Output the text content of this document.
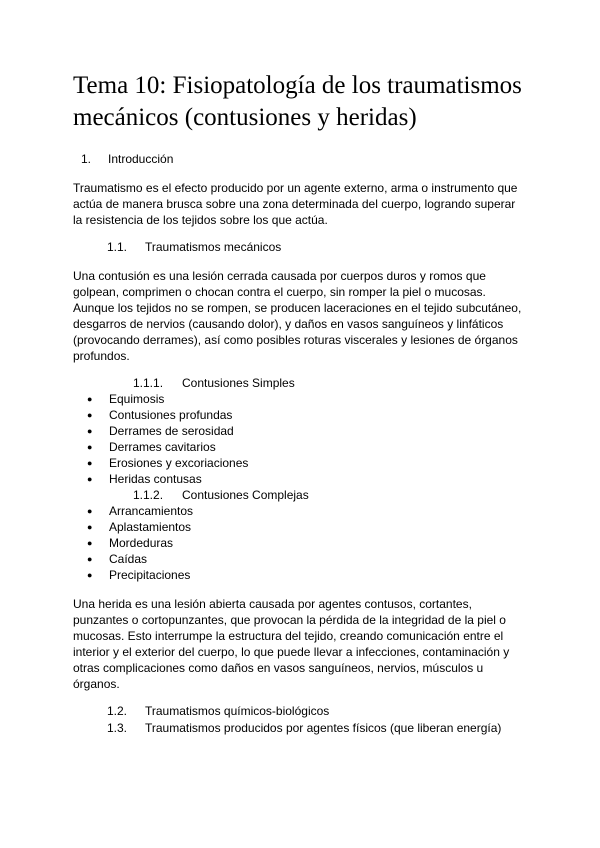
Tema 10: Fisiopatología de los traumatismos mecánicos (contusiones y heridas)
1. Introducción

Traumatismo es el efecto producido por un agente externo, arma o instrumento que actúa de manera brusca sobre una zona determinada del cuerpo, logrando superar la resistencia de los tejidos sobre los que actúa.

1.1. Traumatismos mecánicos

Una contusión es una lesión cerrada causada por cuerpos duros y romos que golpean, comprimen o chocan contra el cuerpo, sin romper la piel o mucosas. Aunque los tejidos no se rompen, se producen laceraciones en el tejido subcutáneo, desgarros de nervios (causando dolor), y daños en vasos sanguíneos y linfáticos (provocando derrames), así como posibles roturas viscerales y lesiones de órganos profundos.

1.1.1. Contusiones Simples
●	Equimosis
●	Contusiones profundas
●	Derrames de serosidad
●	Derrames cavitarios
●	Erosiones y excoriaciones
●	Heridas contusas
1.1.2. Contusiones Complejas
●	Arrancamientos
●	Aplastamientos
●	Mordeduras
●	Caídas
●	Precipitaciones

Una herida es una lesión abierta causada por agentes contusos, cortantes, punzantes o cortopunzantes, que provocan la pérdida de la integridad de la piel o mucosas. Esto interrumpe la estructura del tejido, creando comunicación entre el interior y el exterior del cuerpo, lo que puede llevar a infecciones, contaminación y otras complicaciones como daños en vasos sanguíneos, nervios, músculos u órganos.

1.2. Traumatismos químicos-biológicos
1.3. Traumatismos producidos por agentes físicos (que liberan energía)
